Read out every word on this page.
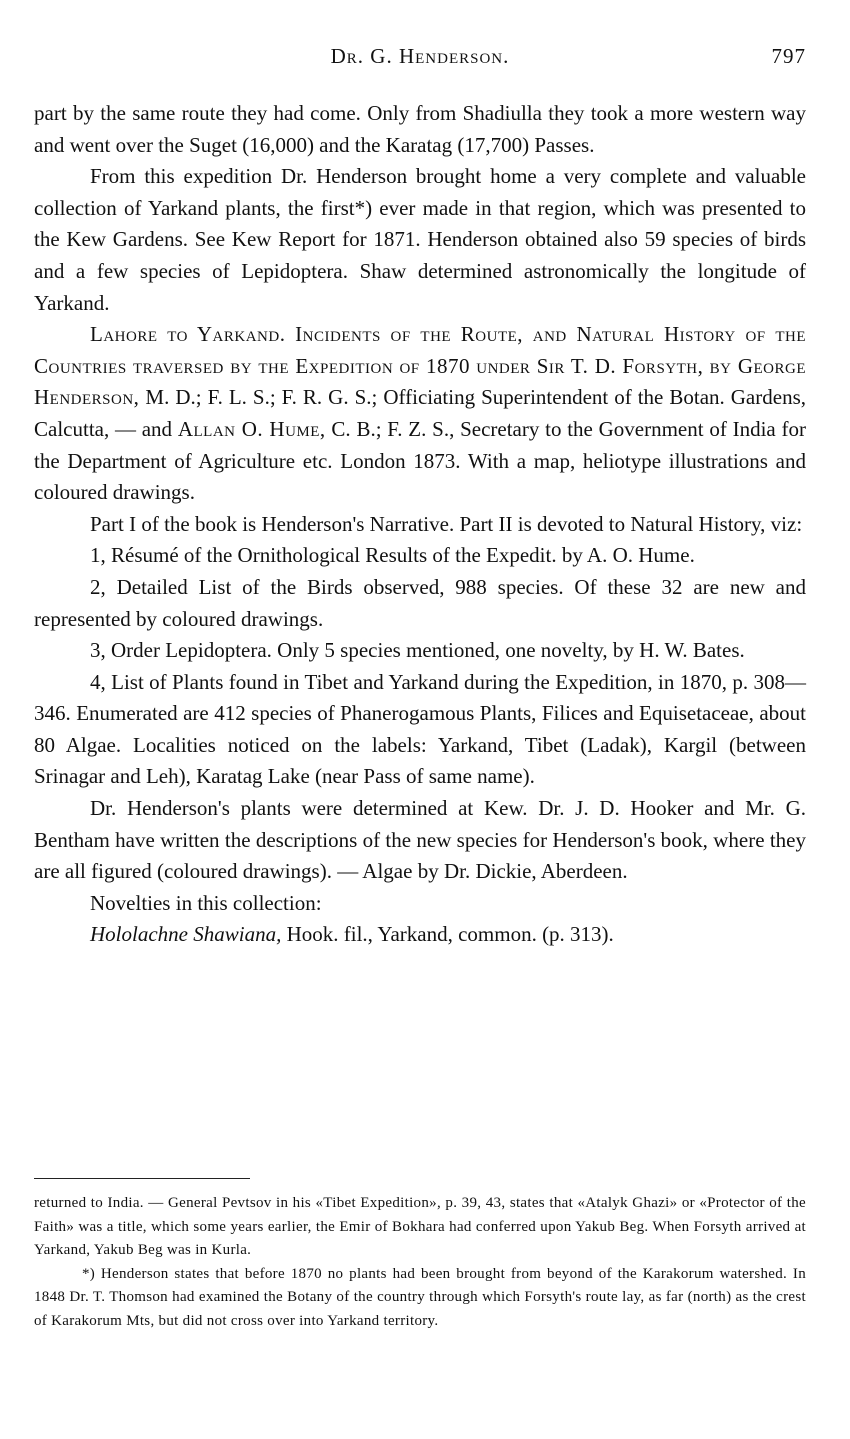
Dr. G. Henderson.	797

part by the same route they had come. Only from Shadiulla they took a more western way and went over the Suget (16,000) and the Karatag (17,700) Passes.

From this expedition Dr. Henderson brought home a very complete and valuable collection of Yarkand plants, the first*) ever made in that region, which was presented to the Kew Gardens. See Kew Report for 1871. Henderson obtained also 59 species of birds and a few species of Lepidoptera. Shaw determined astronomically the longitude of Yarkand.

Lahore to Yarkand. Incidents of the Route, and Natural History of the Countries traversed by the Expedition of 1870 under Sir T. D. Forsyth, by George Henderson, M. D.; F. L. S.; F. R. G. S.; Officiating Superintendent of the Botan. Gardens, Calcutta, — and Allan O. Hume, C. B.; F. Z. S., Secretary to the Government of India for the Department of Agriculture etc. London 1873. With a map, heliotype illustrations and coloured drawings.

Part I of the book is Henderson's Narrative. Part II is devoted to Natural History, viz:

1, Résumé of the Ornithological Results of the Expedit. by A. O. Hume.

2, Detailed List of the Birds observed, 988 species. Of these 32 are new and represented by coloured drawings.

3, Order Lepidoptera. Only 5 species mentioned, one novelty, by H. W. Bates.

4, List of Plants found in Tibet and Yarkand during the Expedition, in 1870, p. 308—346. Enumerated are 412 species of Phanerogamous Plants, Filices and Equisetaceae, about 80 Algae. Localities noticed on the labels: Yarkand, Tibet (Ladak), Kargil (between Srinagar and Leh), Karatag Lake (near Pass of same name).

Dr. Henderson's plants were determined at Kew. Dr. J. D. Hooker and Mr. G. Bentham have written the descriptions of the new species for Henderson's book, where they are all figured (coloured drawings). — Algae by Dr. Dickie, Aberdeen.

Novelties in this collection:

Hololachne Shawiana, Hook. fil., Yarkand, common. (p. 313).

returned to India. — General Pevtsov in his «Tibet Expedition», p. 39, 43, states that «Atalyk Ghazi» or «Protector of the Faith» was a title, which some years earlier, the Emir of Bokhara had conferred upon Yakub Beg. When Forsyth arrived at Yarkand, Yakub Beg was in Kurla.

*) Henderson states that before 1870 no plants had been brought from beyond of the Karakorum watershed. In 1848 Dr. T. Thomson had examined the Botany of the country through which Forsyth's route lay, as far (north) as the crest of Karakorum Mts, but did not cross over into Yarkand territory.
